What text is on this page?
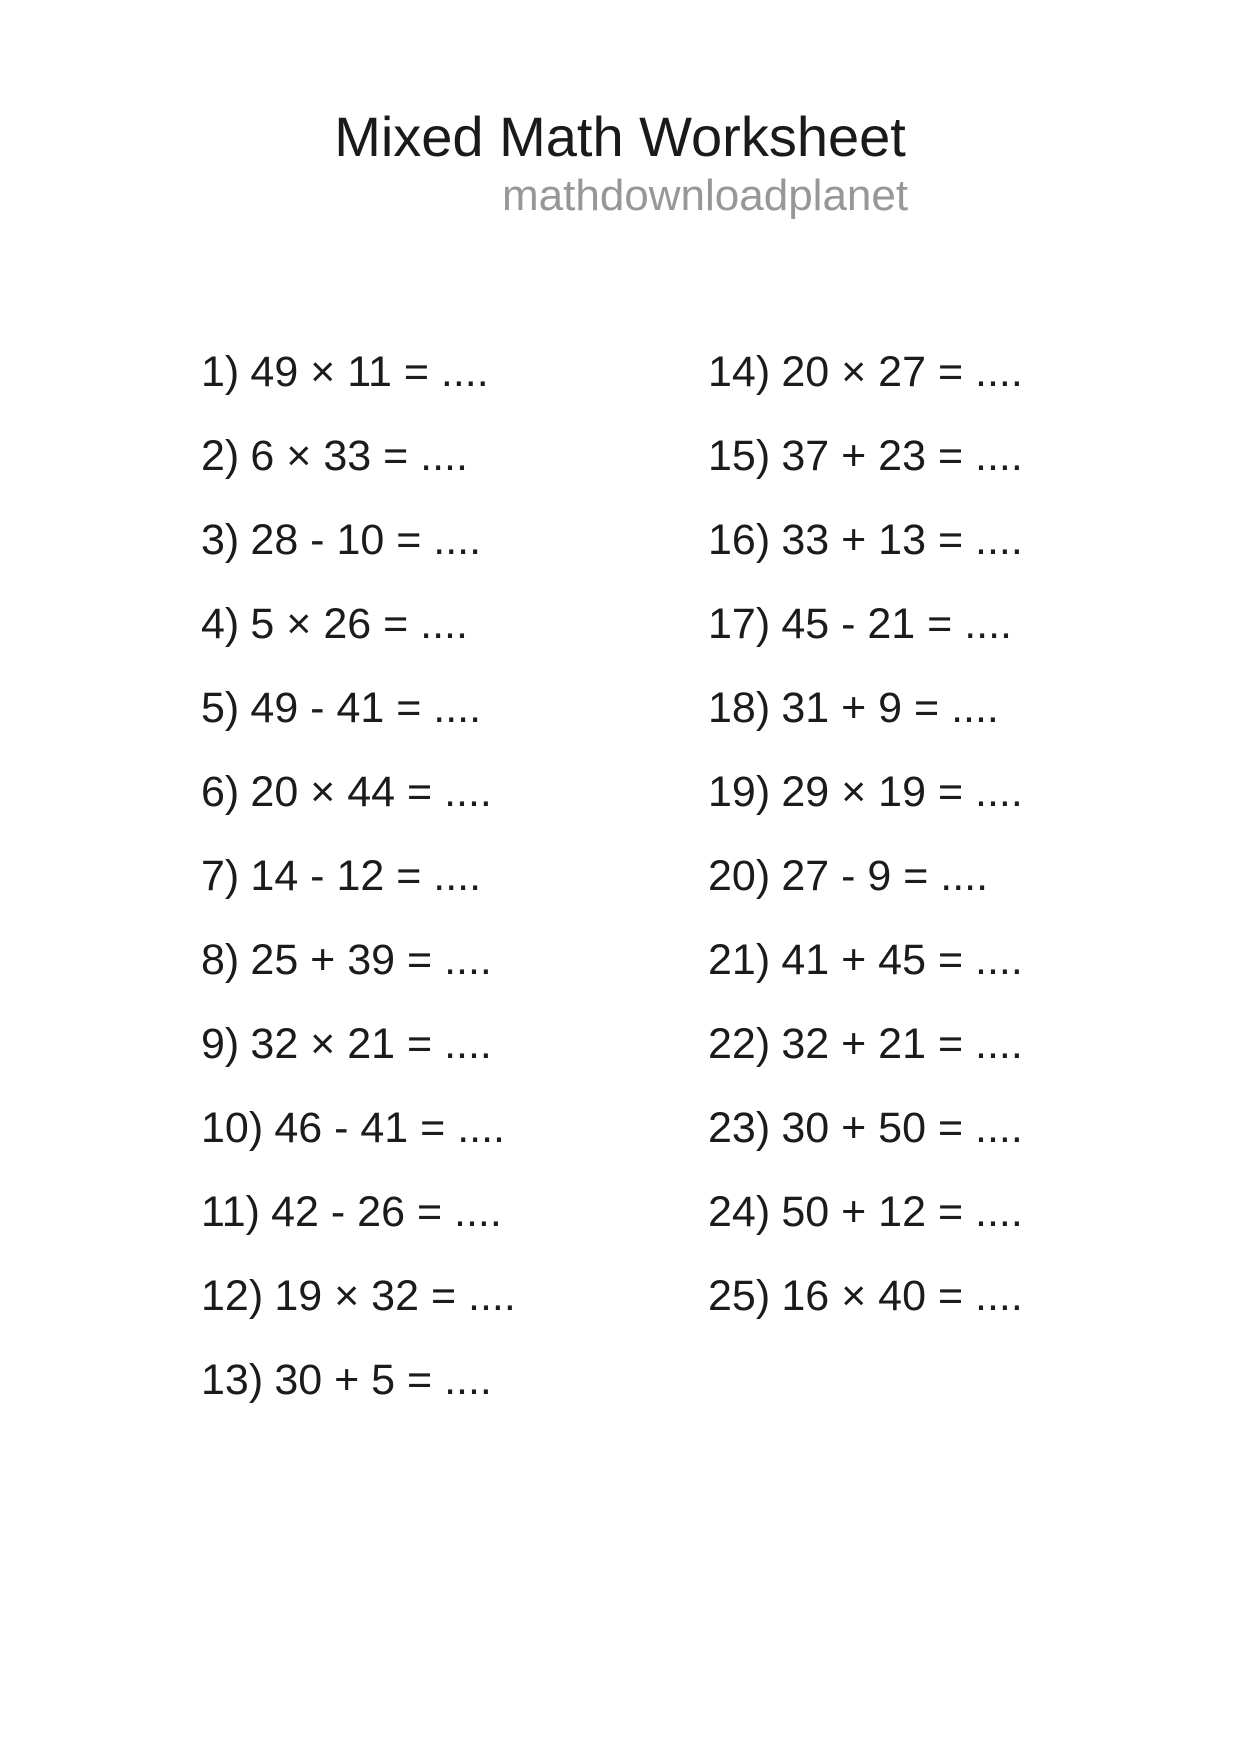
Mixed Math Worksheet
mathdownloadplanet
1) 49 × 11 = ....
2) 6 × 33 = ....
3) 28 - 10 = ....
4) 5 × 26 = ....
5) 49 - 41 = ....
6) 20 × 44 = ....
7) 14 - 12 = ....
8) 25 + 39 = ....
9) 32 × 21 = ....
10) 46 - 41 = ....
11) 42 - 26 = ....
12) 19 × 32 = ....
13) 30 + 5 = ....
14) 20 × 27 = ....
15) 37 + 23 = ....
16) 33 + 13 = ....
17) 45 - 21 = ....
18) 31 + 9 = ....
19) 29 × 19 = ....
20) 27 - 9 = ....
21) 41 + 45 = ....
22) 32 + 21 = ....
23) 30 + 50 = ....
24) 50 + 12 = ....
25) 16 × 40 = ....
